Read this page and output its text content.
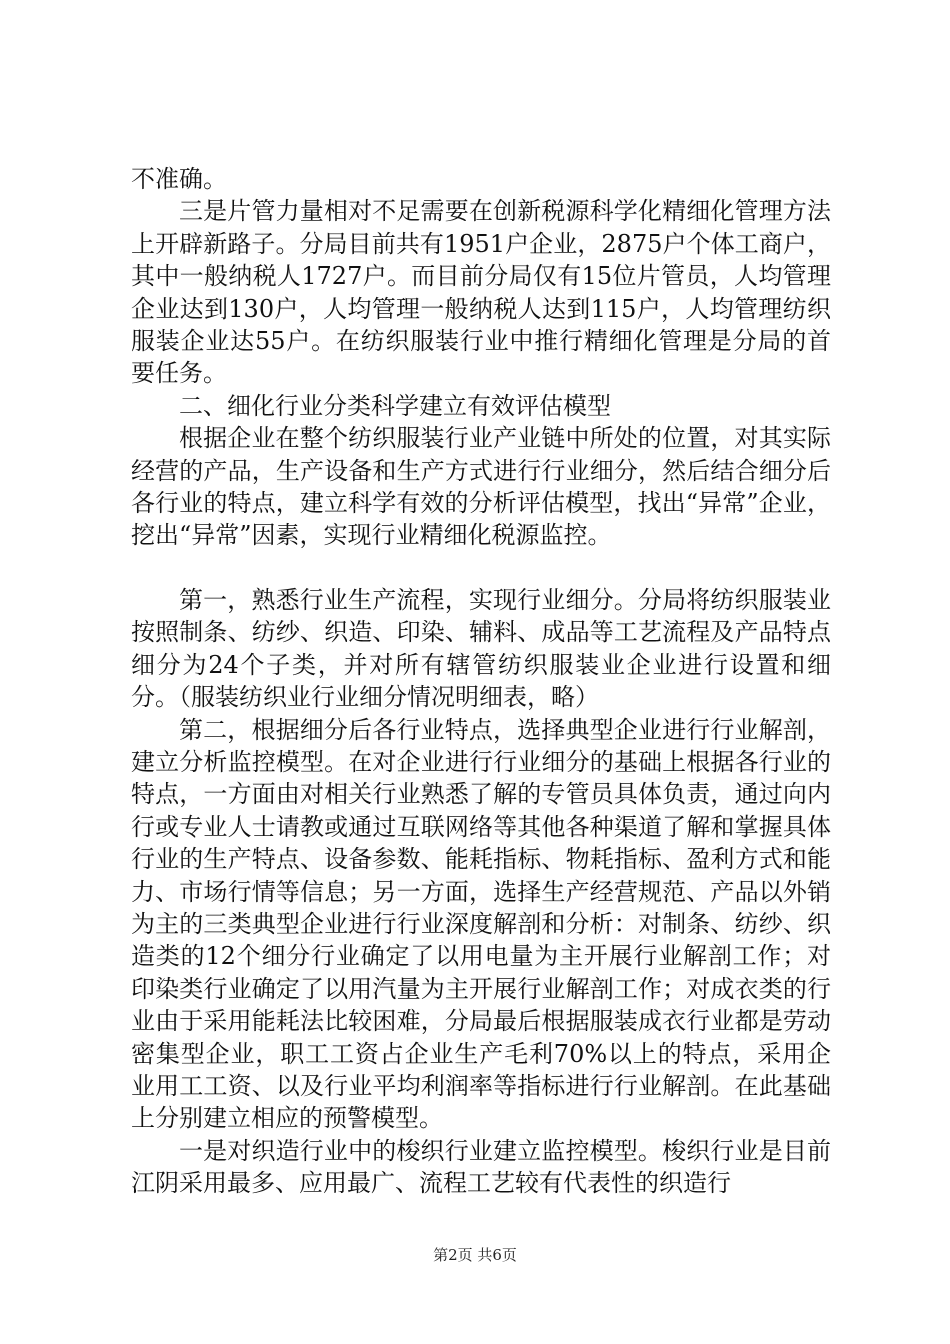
不准确。

三是片管力量相对不足需要在创新税源科学化精细化管理方法上开辟新路子。分局目前共有1951户企业，2875户个体工商户，其中一般纳税人1727户。而目前分局仅有15位片管员，人均管理企业达到130户，人均管理一般纳税人达到115户，人均管理纺织服装企业达55户。在纺织服装行业中推行精细化管理是分局的首要任务。

二、细化行业分类科学建立有效评估模型

根据企业在整个纺织服装行业产业链中所处的位置，对其实际经营的产品，生产设备和生产方式进行行业细分，然后结合细分后各行业的特点，建立科学有效的分析评估模型，找出“异常”企业，挖出“异常”因素，实现行业精细化税源监控。

第一，熟悉行业生产流程，实现行业细分。分局将纺织服装业按照制条、纺纱、织造、印染、辅料、成品等工艺流程及产品特点细分为24个子类，并对所有辖管纺织服装业企业进行设置和细分。（服装纺织业行业细分情况明细表，略）

第二，根据细分后各行业特点，选择典型企业进行行业解剖，建立分析监控模型。在对企业进行行业细分的基础上根据各行业的特点，一方面由对相关行业熟悉了解的专管员具体负责，通过向内行或专业人士请教或通过互联网络等其他各种渠道了解和掌握具体行业的生产特点、设备参数、能耗指标、物耗指标、盈利方式和能力、市场行情等信息；另一方面，选择生产经营规范、产品以外销为主的三类典型企业进行行业深度解剖和分析：对制条、纺纱、织造类的12个细分行业确定了以用电量为主开展行业解剖工作；对印染类行业确定了以用汽量为主开展行业解剖工作；对成衣类的行业由于采用能耗法比较困难，分局最后根据服装成衣行业都是劳动密集型企业，职工工资占企业生产毛利70%以上的特点，采用企业用工工资、以及行业平均利润率等指标进行行业解剖。在此基础上分别建立相应的预警模型。

一是对织造行业中的梭织行业建立监控模型。梭织行业是目前江阴采用最多、应用最广、流程工艺较有代表性的织造行

第2页 共6页
